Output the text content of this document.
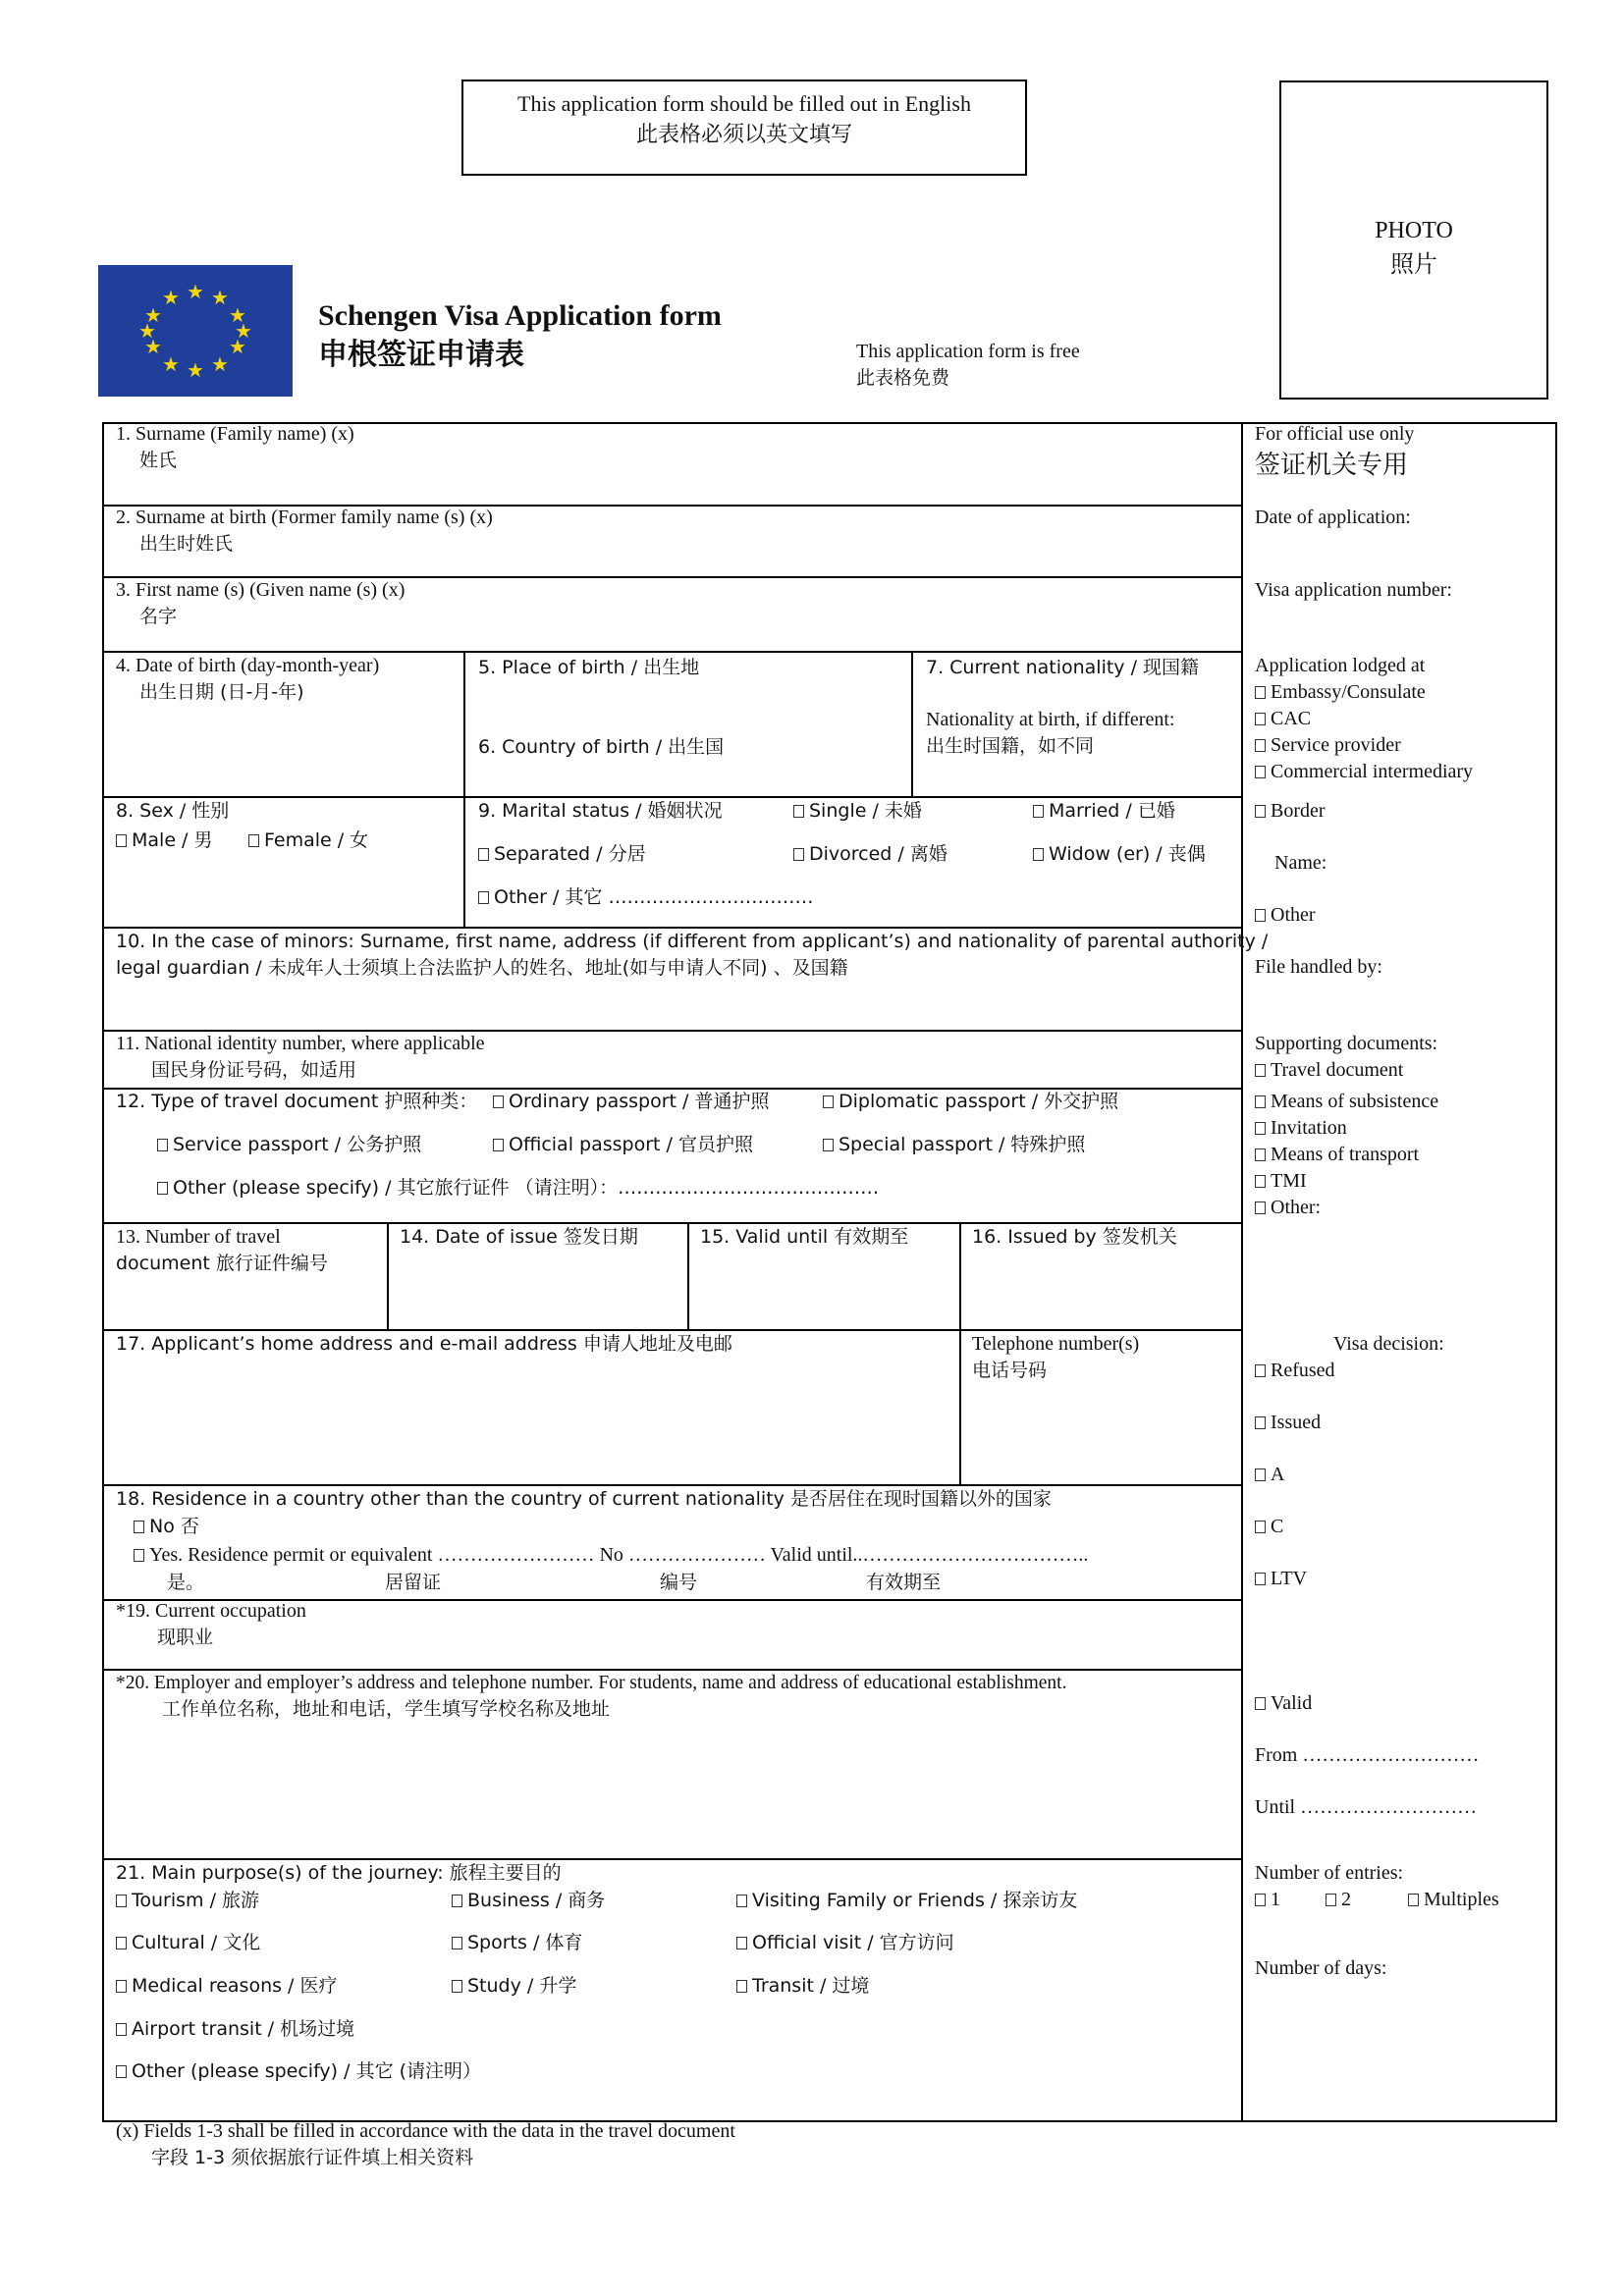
This application form should be filled out in English
此表格必须以英文填写
PHOTO
照片
★ ★
★
★
★
★
★
★
★
★
★
★
Schengen Visa Application form
申根签证申请表	This application form is free
此表格免费
1. Surname (Family name) (x)
姓氏
2. Surname at birth (Former family name (s) (x)
出生时姓氏
3. First name (s) (Given name (s) (x)
名字
4. Date of birth (day-month-year)
出生日期 (日-月-年)
5. Place of birth / 出生地
6. Country of birth / 出生国
7. Current nationality / 现国籍
Nationality at birth, if different:
出生时国籍，如不同
8. Sex / 性别
Male / 男	Female / 女
9. Marital status / 婚姻状况	Single / 未婚	Married / 已婚
Separated / 分居	Divorced / 离婚	Widow (er) / 丧偶
Other / 其它 ……………………………
10. In the case of minors: Surname, first name, address (if different from applicant’s) and nationality of parental authority /
legal guardian / 未成年人士须填上合法监护人的姓名、地址(如与申请人不同) 、及国籍
11. National identity number, where applicable
国民身份证号码，如适用
12. Type of travel document 护照种类：	Ordinary passport / 普通护照	Diplomatic passport / 外交护照
Service passport / 公务护照	Official passport / 官员护照	Special passport / 特殊护照
Other (please specify) / 其它旅行证件 （请注明）：……………………………………
13. Number of travel
document 旅行证件编号
14. Date of issue 签发日期	15. Valid until 有效期至	16. Issued by 签发机关
17. Applicant’s home address and e-mail address 申请人地址及电邮	Telephone number(s)
电话号码
18. Residence in a country other than the country of current nationality 是否居住在现时国籍以外的国家
No 否
Yes. Residence permit or equivalent …………………… No ………………… Valid until..……………………………..
是。	居留证	编号	有效期至
*19. Current occupation
现职业
*20. Employer and employer’s address and telephone number. For students, name and address of educational establishment.
工作单位名称，地址和电话，学生填写学校名称及地址
21. Main purpose(s) of the journey: 旅程主要目的
Tourism / 旅游	Business / 商务	Visiting Family or Friends / 探亲访友
Cultural / 文化	Sports / 体育	Official visit / 官方访问
Medical reasons / 医疗	Study / 升学	Transit / 过境
Airport transit / 机场过境
Other (please specify) / 其它 (请注明）
For official use only
签证机关专用
Date of application:
Visa application number:
Application lodged at
Embassy/Consulate
CAC
Service provider
Commercial intermediary
Border
Name:
Other
File handled by:
Supporting documents:
Travel document
Means of subsistence
Invitation
Means of transport
TMI
Other:
Visa decision:
Refused
Issued
A
C
LTV
Valid
From ………………………
Until ………………………
Number of entries:
1	2	Multiples
Number of days:
(x) Fields 1-3 shall be filled in accordance with the data in the travel document
字段 1-3 须依据旅行证件填上相关资料
